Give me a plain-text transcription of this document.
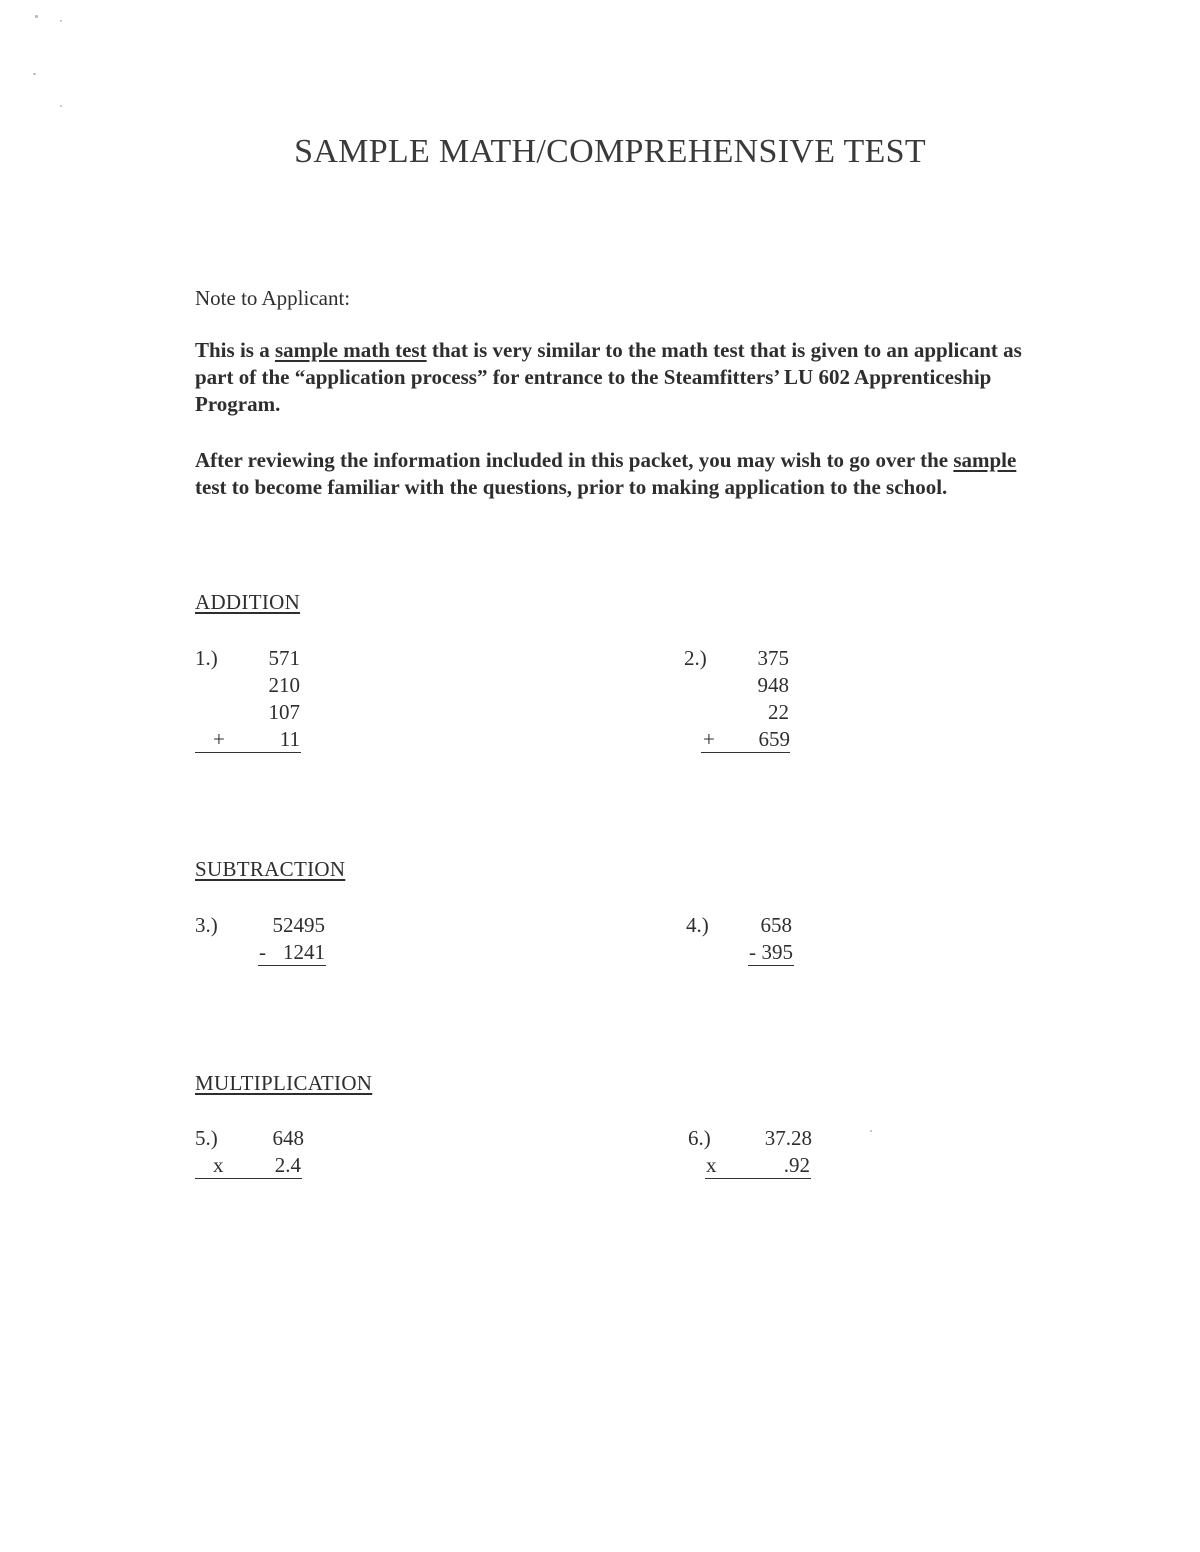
SAMPLE MATH/COMPREHENSIVE TEST
Note to Applicant:
This is a sample math test that is very similar to the math test that is given to an applicant as part of the “application process” for entrance to the Steamfitters’ LU 602 Apprenticeship Program.
After reviewing the information included in this packet, you may wish to go over the sample test to become familiar with the questions, prior to making application to the school.
ADDITION
SUBTRACTION
MULTIPLICATION
1.) 571
210
107
+	11
2.) 375
948
22
+ 659
3.)	52495
- 1241
4.) 658
- 395
5.)	648
x 2.4
6.)	37.28
x	.92
